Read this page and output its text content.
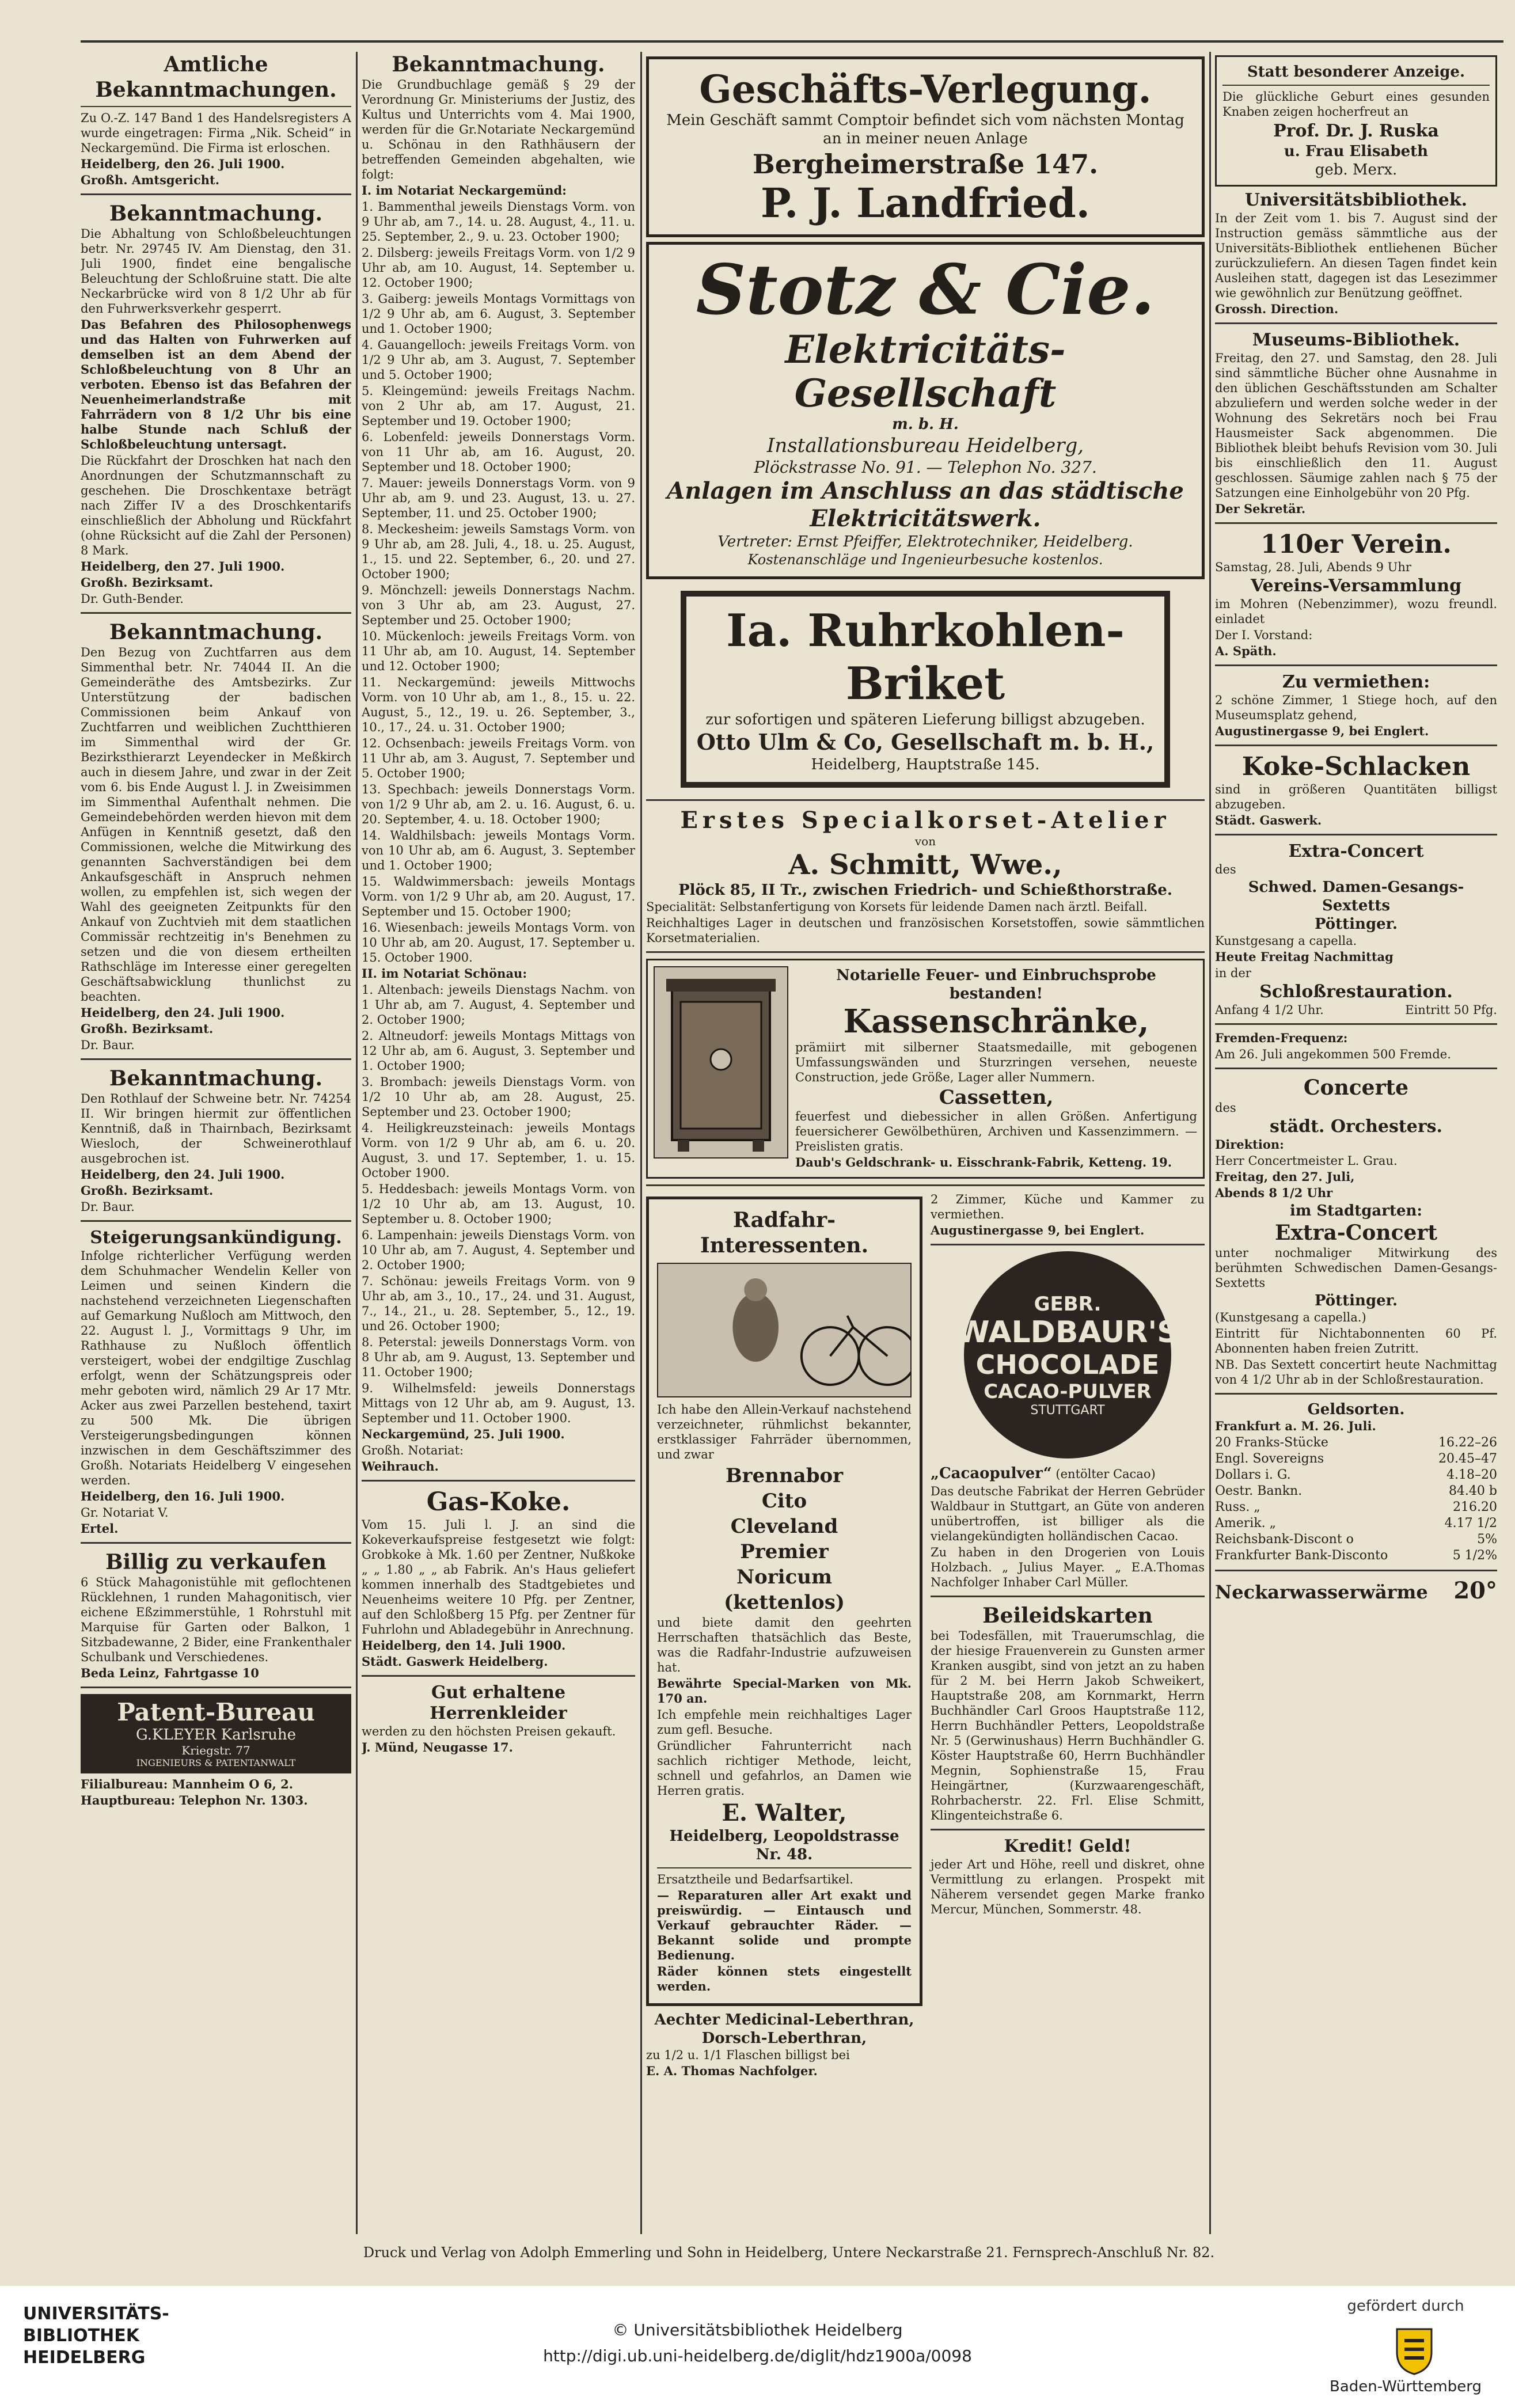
Amtliche Bekanntmachungen.

Zu O.-Z. 147 Band 1 des Handelsregisters A wurde eingetragen: Firma „Nik. Scheid“ in Neckargemünd. Die Firma ist erloschen.

Heidelberg, den 26. Juli 1900.

Großh. Amtsgericht.

Bekanntmachung.

Die Abhaltung von Schloßbeleuchtungen betr. Nr. 29745 IV. Am Dienstag, den 31. Juli 1900, findet eine bengalische Beleuchtung der Schloßruine statt. Die alte Neckarbrücke wird von 8 1/2 Uhr ab für den Fuhrwerksverkehr gesperrt.

Das Befahren des Philosophenwegs und das Halten von Fuhrwerken auf demselben ist an dem Abend der Schloßbeleuchtung von 8 Uhr an verboten. Ebenso ist das Befahren der Neuenheimerlandstraße mit Fahrrädern von 8 1/2 Uhr bis eine halbe Stunde nach Schluß der Schloßbeleuchtung untersagt.

Die Rückfahrt der Droschken hat nach den Anordnungen der Schutzmannschaft zu geschehen. Die Droschkentaxe beträgt nach Ziffer IV a des Droschkentarifs einschließlich der Abholung und Rückfahrt (ohne Rücksicht auf die Zahl der Personen) 8 Mark.

Heidelberg, den 27. Juli 1900.

Großh. Bezirksamt.

Dr. Guth-Bender.

Bekanntmachung.

Den Bezug von Zuchtfarren aus dem Simmenthal betr. Nr. 74044 II. An die Gemeinderäthe des Amtsbezirks. Zur Unterstützung der badischen Commissionen beim Ankauf von Zuchtfarren und weiblichen Zuchtthieren im Simmenthal wird der Gr. Bezirksthierarzt Leyendecker in Meßkirch auch in diesem Jahre, und zwar in der Zeit vom 6. bis Ende August l. J. in Zweisimmen im Simmenthal Aufenthalt nehmen. Die Gemeindebehörden werden hievon mit dem Anfügen in Kenntniß gesetzt, daß den Commissionen, welche die Mitwirkung des genannten Sachverständigen bei dem Ankaufsgeschäft in Anspruch nehmen wollen, zu empfehlen ist, sich wegen der Wahl des geeigneten Zeitpunkts für den Ankauf von Zuchtvieh mit dem staatlichen Commissär rechtzeitig in's Benehmen zu setzen und die von diesem ertheilten Rathschläge im Interesse einer geregelten Geschäftsabwicklung thunlichst zu beachten.

Heidelberg, den 24. Juli 1900.

Großh. Bezirksamt.

Dr. Baur.

Bekanntmachung.

Den Rothlauf der Schweine betr. Nr. 74254 II. Wir bringen hiermit zur öffentlichen Kenntniß, daß in Thairnbach, Bezirksamt Wiesloch, der Schweinerothlauf ausgebrochen ist.

Heidelberg, den 24. Juli 1900.

Großh. Bezirksamt.

Dr. Baur.

Steigerungsankündigung.

Infolge richterlicher Verfügung werden dem Schuhmacher Wendelin Keller von Leimen und seinen Kindern die nachstehend verzeichneten Liegenschaften auf Gemarkung Nußloch am Mittwoch, den 22. August l. J., Vormittags 9 Uhr, im Rathhause zu Nußloch öffentlich versteigert, wobei der endgiltige Zuschlag erfolgt, wenn der Schätzungspreis oder mehr geboten wird, nämlich 29 Ar 17 Mtr. Acker aus zwei Parzellen bestehend, taxirt zu 500 Mk. Die übrigen Versteigerungsbedingungen können inzwischen in dem Geschäftszimmer des Großh. Notariats Heidelberg V eingesehen werden.

Heidelberg, den 16. Juli 1900.

Gr. Notariat V.

Ertel.

Billig zu verkaufen

6 Stück Mahagonistühle mit geflochtenen Rücklehnen, 1 runden Mahagonitisch, vier eichene Eßzimmerstühle, 1 Rohrstuhl mit Marquise für Garten oder Balkon, 1 Sitzbadewanne, 2 Bider, eine Frankenthaler Schulbank und Verschiedenes.

Beda Leinz, Fahrtgasse 10

Patent-Bureau
G.KLEYER Karlsruhe
Kriegstr. 77
INGENIEURS & PATENTANWALT

Filialbureau: Mannheim O 6, 2.

Hauptbureau: Telephon Nr. 1303.

Bekanntmachung.

Die Grundbuchlage gemäß § 29 der Verordnung Gr. Ministeriums der Justiz, des Kultus und Unterrichts vom 4. Mai 1900, werden für die Gr.Notariate Neckargemünd u. Schönau in den Rathhäusern der betreffenden Gemeinden abgehalten, wie folgt:

I. im Notariat Neckargemünd:

1. Bammenthal jeweils Dienstags Vorm. von 9 Uhr ab, am 7., 14. u. 28. August, 4., 11. u. 25. September, 2., 9. u. 23. October 1900;

2. Dilsberg: jeweils Freitags Vorm. von 1/2 9 Uhr ab, am 10. August, 14. September u. 12. October 1900;

3. Gaiberg: jeweils Montags Vormittags von 1/2 9 Uhr ab, am 6. August, 3. September und 1. October 1900;

4. Gauangelloch: jeweils Freitags Vorm. von 1/2 9 Uhr ab, am 3. August, 7. September und 5. October 1900;

5. Kleingemünd: jeweils Freitags Nachm. von 2 Uhr ab, am 17. August, 21. September und 19. October 1900;

6. Lobenfeld: jeweils Donnerstags Vorm. von 11 Uhr ab, am 16. August, 20. September und 18. October 1900;

7. Mauer: jeweils Donnerstags Vorm. von 9 Uhr ab, am 9. und 23. August, 13. u. 27. September, 11. und 25. October 1900;

8. Meckesheim: jeweils Samstags Vorm. von 9 Uhr ab, am 28. Juli, 4., 18. u. 25. August, 1., 15. und 22. September, 6., 20. und 27. October 1900;

9. Mönchzell: jeweils Donnerstags Nachm. von 3 Uhr ab, am 23. August, 27. September und 25. October 1900;

10. Mückenloch: jeweils Freitags Vorm. von 11 Uhr ab, am 10. August, 14. September und 12. October 1900;

11. Neckargemünd: jeweils Mittwochs Vorm. von 10 Uhr ab, am 1., 8., 15. u. 22. August, 5., 12., 19. u. 26. September, 3., 10., 17., 24. u. 31. October 1900;

12. Ochsenbach: jeweils Freitags Vorm. von 11 Uhr ab, am 3. August, 7. September und 5. October 1900;

13. Spechbach: jeweils Donnerstags Vorm. von 1/2 9 Uhr ab, am 2. u. 16. August, 6. u. 20. September, 4. u. 18. October 1900;

14. Waldhilsbach: jeweils Montags Vorm. von 10 Uhr ab, am 6. August, 3. September und 1. October 1900;

15. Waldwimmersbach: jeweils Montags Vorm. von 1/2 9 Uhr ab, am 20. August, 17. September und 15. October 1900;

16. Wiesenbach: jeweils Montags Vorm. von 10 Uhr ab, am 20. August, 17. September u. 15. October 1900.

II. im Notariat Schönau:

1. Altenbach: jeweils Dienstags Nachm. von 1 Uhr ab, am 7. August, 4. September und 2. October 1900;

2. Altneudorf: jeweils Montags Mittags von 12 Uhr ab, am 6. August, 3. September und 1. October 1900;

3. Brombach: jeweils Dienstags Vorm. von 1/2 10 Uhr ab, am 28. August, 25. September und 23. October 1900;

4. Heiligkreuzsteinach: jeweils Montags Vorm. von 1/2 9 Uhr ab, am 6. u. 20. August, 3. und 17. September, 1. u. 15. October 1900.

5. Heddesbach: jeweils Montags Vorm. von 1/2 10 Uhr ab, am 13. August, 10. September u. 8. October 1900;

6. Lampenhain: jeweils Dienstags Vorm. von 10 Uhr ab, am 7. August, 4. September und 2. October 1900;

7. Schönau: jeweils Freitags Vorm. von 9 Uhr ab, am 3., 10., 17., 24. und 31. August, 7., 14., 21., u. 28. September, 5., 12., 19. und 26. October 1900;

8. Peterstal: jeweils Donnerstags Vorm. von 8 Uhr ab, am 9. August, 13. September und 11. October 1900;

9. Wilhelmsfeld: jeweils Donnerstags Mittags von 12 Uhr ab, am 9. August, 13. September und 11. October 1900.

Neckargemünd, 25. Juli 1900.

Großh. Notariat:

Weihrauch.

Gas-Koke.

Vom 15. Juli l. J. an sind die Kokeverkaufspreise festgesetzt wie folgt: Grobkoke à Mk. 1.60 per Zentner, Nußkoke „ „ 1.80 „ „ ab Fabrik. An's Haus geliefert kommen innerhalb des Stadtgebietes und Neuenheims weitere 10 Pfg. per Zentner, auf den Schloßberg 15 Pfg. per Zentner für Fuhrlohn und Abladegebühr in Anrechnung.

Heidelberg, den 14. Juli 1900.

Städt. Gaswerk Heidelberg.

Gut erhaltene Herrenkleider

werden zu den höchsten Preisen gekauft.

J. Münd, Neugasse 17.

Geschäfts-Verlegung.
Mein Geschäft sammt Comptoir befindet sich vom nächsten Montag an in meiner neuen Anlage
Bergheimerstraße 147.
P. J. Landfried.
Stotz & Cie.
Elektricitäts-Gesellschaft
m. b. H.
Installationsbureau Heidelberg,
Plöckstrasse No. 91. — Telephon No. 327.
Anlagen im Anschluss an das städtische Elektricitätswerk.
Vertreter: Ernst Pfeiffer, Elektrotechniker, Heidelberg.
Kostenanschläge und Ingenieurbesuche kostenlos.
Ia. Ruhrkohlen-Briket
zur sofortigen und späteren Lieferung billigst abzugeben.
Otto Ulm & Co, Gesellschaft m. b. H.,
Heidelberg, Hauptstraße 145.
Erstes Specialkorset-Atelier
von
A. Schmitt, Wwe.,
Plöck 85, II Tr., zwischen Friedrich- und Schießthorstraße.

Specialität: Selbstanfertigung von Korsets für leidende Damen nach ärztl. Beifall.

Reichhaltiges Lager in deutschen und französischen Korsetstoffen, sowie sämmtlichen Korsetmaterialien.

Notarielle Feuer- und Einbruchsprobe bestanden!
Kassenschränke,

prämiirt mit silberner Staatsmedaille, mit gebogenen Umfassungswänden und Sturzringen versehen, neueste Construction, jede Größe, Lager aller Nummern.

Cassetten,

feuerfest und diebessicher in allen Größen. Anfertigung feuersicherer Gewölbethüren, Archiven und Kassenzimmern. — Preislisten gratis.

Daub's Geldschrank- u. Eisschrank-Fabrik, Ketteng. 19.

Radfahr-Interessenten.

Ich habe den Allein-Verkauf nachstehend verzeichneter, rühmlichst bekannter, erstklassiger Fahrräder übernommen, und zwar

Brennabor
Cito
Cleveland
Premier
Noricum
(kettenlos)

und biete damit den geehrten Herrschaften thatsächlich das Beste, was die Radfahr-Industrie aufzuweisen hat.

Bewährte Special-Marken von Mk. 170 an.

Ich empfehle mein reichhaltiges Lager zum gefl. Besuche.

Gründlicher Fahrunterricht nach sachlich richtiger Methode, leicht, schnell und gefahrlos, an Damen wie Herren gratis.

E. Walter,
Heidelberg, Leopoldstrasse Nr. 48.

Ersatztheile und Bedarfsartikel.

— Reparaturen aller Art exakt und preiswürdig. — Eintausch und Verkauf gebrauchter Räder. — Bekannt solide und prompte Bedienung.

Räder können stets eingestellt werden.

Aechter Medicinal-Leberthran, Dorsch-Leberthran,

zu 1/2 u. 1/1 Flaschen billigst bei

E. A. Thomas Nachfolger.

2 Zimmer, Küche und Kammer zu vermiethen.

Augustinergasse 9, bei Englert.

GEBR.
WALDBAUR'S
CHOCOLADE
CACAO-PULVER
STUTTGART

„Cacaopulver“ (entölter Cacao)

Das deutsche Fabrikat der Herren Gebrüder Waldbaur in Stuttgart, an Güte von anderen unübertroffen, ist billiger als die vielangekündigten holländischen Cacao.

Zu haben in den Drogerien von Louis Holzbach. „ Julius Mayer. „ E.A.Thomas Nachfolger Inhaber Carl Müller.

Beileidskarten

bei Todesfällen, mit Trauerumschlag, die der hiesige Frauenverein zu Gunsten armer Kranken ausgibt, sind von jetzt an zu haben für 2 M. bei Herrn Jakob Schweikert, Hauptstraße 208, am Kornmarkt, Herrn Buchhändler Carl Groos Hauptstraße 112, Herrn Buchhändler Petters, Leopoldstraße Nr. 5 (Gerwinushaus) Herrn Buchhändler G. Köster Hauptstraße 60, Herrn Buchhändler Megnin, Sophienstraße 15, Frau Heingärtner, (Kurzwaarengeschäft, Rohrbacherstr. 22. Frl. Elise Schmitt, Klingenteichstraße 6.

Kredit! Geld!

jeder Art und Höhe, reell und diskret, ohne Vermittlung zu erlangen. Prospekt mit Näherem versendet gegen Marke franko Mercur, München, Sommerstr. 48.

Statt besonderer Anzeige.

Die glückliche Geburt eines gesunden Knaben zeigen hocherfreut an

Prof. Dr. J. Ruska
u. Frau Elisabeth
geb. Merx.
Universitätsbibliothek.

In der Zeit vom 1. bis 7. August sind der Instruction gemäss sämmtliche aus der Universitäts-Bibliothek entliehenen Bücher zurückzuliefern. An diesen Tagen findet kein Ausleihen statt, dagegen ist das Lesezimmer wie gewöhnlich zur Benützung geöffnet.

Grossh. Direction.

Museums-Bibliothek.

Freitag, den 27. und Samstag, den 28. Juli sind sämmtliche Bücher ohne Ausnahme in den üblichen Geschäftsstunden am Schalter abzuliefern und werden solche weder in der Wohnung des Sekretärs noch bei Frau Hausmeister Sack abgenommen. Die Bibliothek bleibt behufs Revision vom 30. Juli bis einschließlich den 11. August geschlossen. Säumige zahlen nach § 75 der Satzungen eine Einholgebühr von 20 Pfg.

Der Sekretär.

110er Verein.

Samstag, 28. Juli, Abends 9 Uhr

Vereins-Versammlung

im Mohren (Nebenzimmer), wozu freundl. einladet

Der I. Vorstand:

A. Späth.

Zu vermiethen:

2 schöne Zimmer, 1 Stiege hoch, auf den Museumsplatz gehend,

Augustinergasse 9, bei Englert.

Koke-Schlacken

sind in größeren Quantitäten billigst abzugeben.

Städt. Gaswerk.

Extra-Concert

des

Schwed. Damen-Gesangs-Sextetts
Pöttinger.

Kunstgesang a capella.

Heute Freitag Nachmittag

in der

Schloßrestauration.

Anfang 4 1/2 Uhr.	Eintritt 50 Pfg.

Fremden-Frequenz:

Am 26. Juli angekommen 500 Fremde.

Concerte

des

städt. Orchesters.

Direktion:

Herr Concertmeister L. Grau.

Freitag, den 27. Juli,

Abends 8 1/2 Uhr

im Stadtgarten:
Extra-Concert

unter nochmaliger Mitwirkung des berühmten Schwedischen Damen-Gesangs-Sextetts

Pöttinger.

(Kunstgesang a capella.)

Eintritt für Nichtabonnenten 60 Pf. Abonnenten haben freien Zutritt.

NB. Das Sextett concertirt heute Nachmittag von 4 1/2 Uhr ab in der Schloßrestauration.

Geldsorten.

Frankfurt a. M. 26. Juli.

20 Franks-Stücke	16.22–26
Engl. Sovereigns	20.45–47
Dollars i. G.	4.18–20
Oestr. Bankn.	84.40 b
Russ. „	216.20
Amerik. „	4.17 1/2
Reichsbank-Discont o	5%
Frankfurter Bank-Disconto	5 1/2%
Neckarwasserwärme 20°
Druck und Verlag von Adolph Emmerling und Sohn in Heidelberg, Untere Neckarstraße 21. Fernsprech-Anschluß Nr. 82.
UNIVERSITÄTS-
BIBLIOTHEK
HEIDELBERG
© Universitätsbibliothek Heidelberg
http://digi.ub.uni-heidelberg.de/diglit/hdz1900a/0098
gefördert durch
Baden-Württemberg
